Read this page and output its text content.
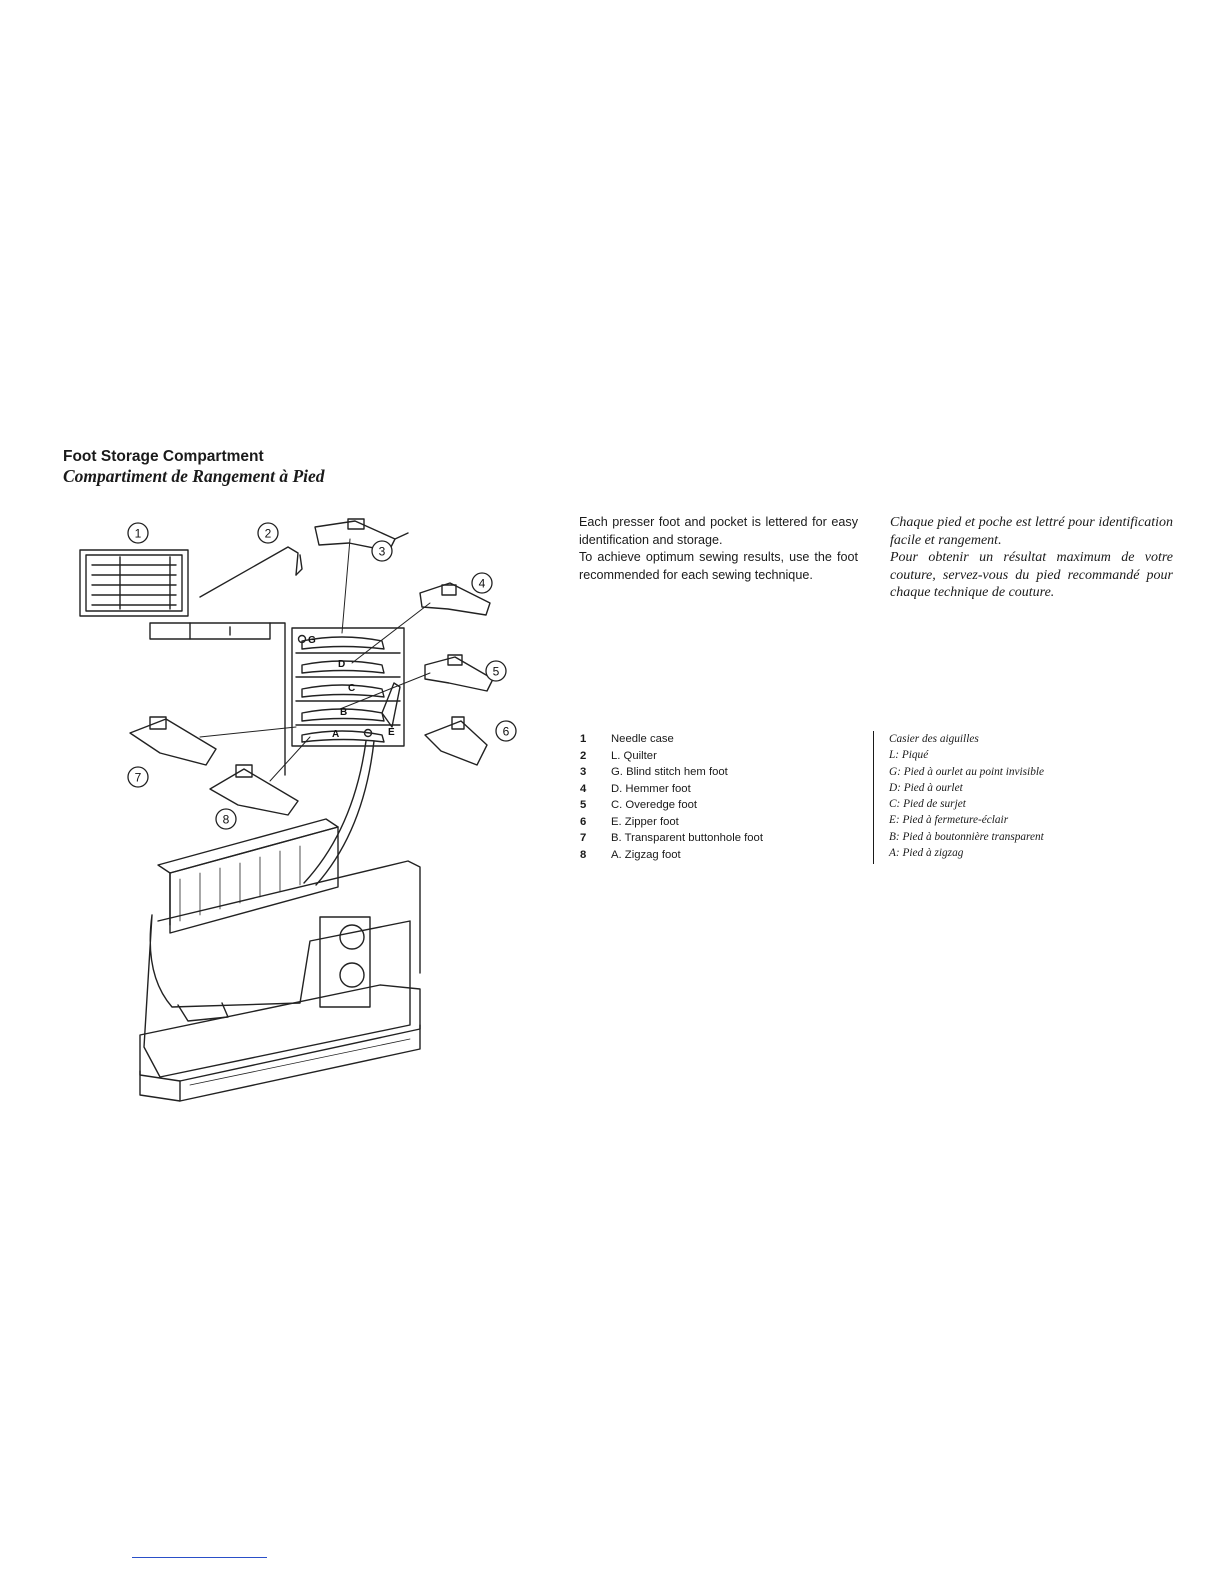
Foot Storage Compartment
Compartiment de Rangement à Pied
G
D
C
B
A	E
1	2
3
4
5
6
7
8

Each presser foot and pocket is lettered for easy identification and storage.

To achieve optimum sewing results, use the foot recommended for each sewing technique.

Chaque pied et poche est lettré pour identification facile et rangement.

Pour obtenir un résultat maximum de votre couture, servez-vous du pied recommandé pour chaque technique de couture.

1	Needle case
2	L. Quilter
3	G. Blind stitch hem foot
4	D. Hemmer foot
5	C. Overedge foot
6	E. Zipper foot
7	B. Transparent buttonhole foot
8	A. Zigzag foot
Casier des aiguilles
L: Piqué
G: Pied à ourlet au point invisible
D: Pied à ourlet
C: Pied de surjet
E: Pied à fermeture-éclair
B: Pied à boutonnière transparent
A: Pied à zigzag
